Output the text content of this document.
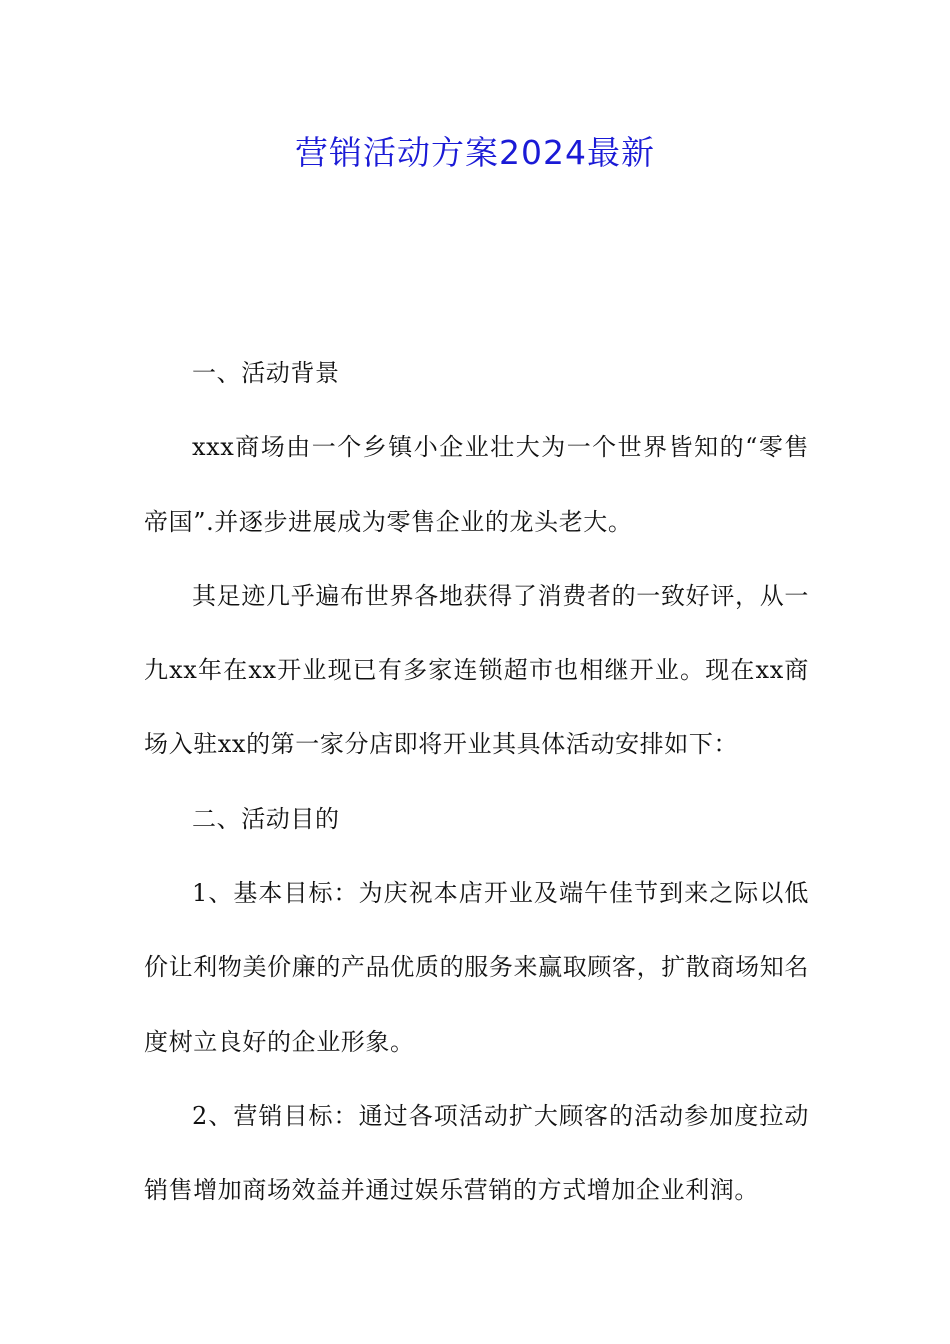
营销活动方案2024最新

一、活动背景

xxx商场由一个乡镇小企业壮大为一个世界皆知的“零售帝国”.并逐步进展成为零售企业的龙头老大。

其足迹几乎遍布世界各地获得了消费者的一致好评，从一九xx年在xx开业现已有多家连锁超市也相继开业。现在xx商场入驻xx的第一家分店即将开业其具体活动安排如下：

二、活动目的

1、基本目标：为庆祝本店开业及端午佳节到来之际以低价让利物美价廉的产品优质的服务来赢取顾客，扩散商场知名度树立良好的企业形象。

2、营销目标：通过各项活动扩大顾客的活动参加度拉动销售增加商场效益并通过娱乐营销的方式增加企业利润。
